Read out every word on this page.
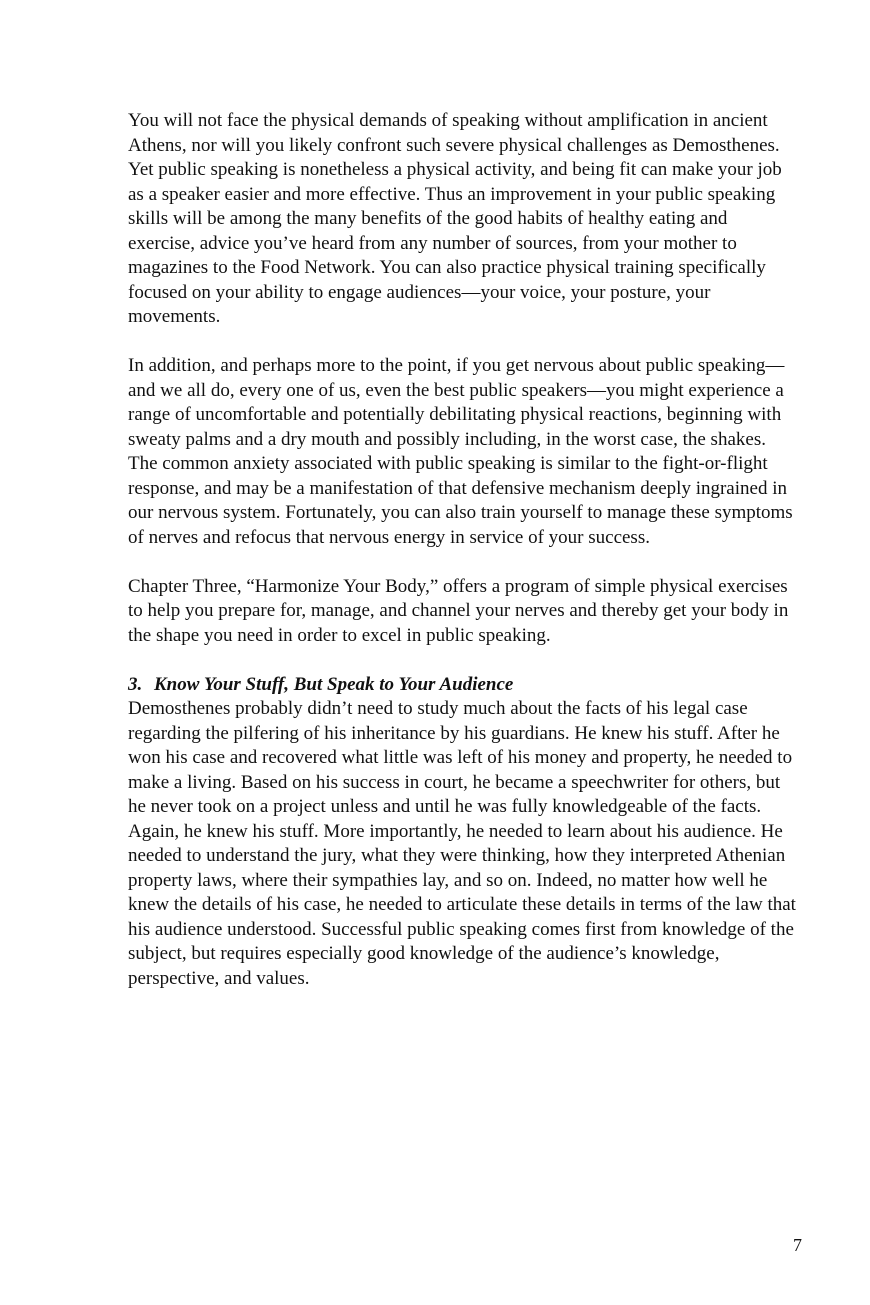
You will not face the physical demands of speaking without amplification in ancient Athens, nor will you likely confront such severe physical challenges as Demosthenes. Yet public speaking is nonetheless a physical activity, and being fit can make your job as a speaker easier and more effective. Thus an improvement in your public speaking skills will be among the many benefits of the good habits of healthy eating and exercise, advice you’ve heard from any number of sources, from your mother to magazines to the Food Network. You can also practice physical training specifically focused on your ability to engage audiences—your voice, your posture, your movements.

In addition, and perhaps more to the point, if you get nervous about public speaking—and we all do, every one of us, even the best public speakers—you might experience a range of uncomfortable and potentially debilitating physical reactions, beginning with sweaty palms and a dry mouth and possibly including, in the worst case, the shakes. The common anxiety associated with public speaking is similar to the fight-or-flight response, and may be a manifestation of that defensive mechanism deeply ingrained in our nervous system. Fortunately, you can also train yourself to manage these symptoms of nerves and refocus that nervous energy in service of your success.

Chapter Three, “Harmonize Your Body,” offers a program of simple physical exercises to help you prepare for, manage, and channel your nerves and thereby get your body in the shape you need in order to excel in public speaking.

3. Know Your Stuff, But Speak to Your Audience

Demosthenes probably didn’t need to study much about the facts of his legal case regarding the pilfering of his inheritance by his guardians. He knew his stuff. After he won his case and recovered what little was left of his money and property, he needed to make a living. Based on his success in court, he became a speechwriter for others, but he never took on a project unless and until he was fully knowledgeable of the facts. Again, he knew his stuff. More importantly, he needed to learn about his audience. He needed to understand the jury, what they were thinking, how they interpreted Athenian property laws, where their sympathies lay, and so on. Indeed, no matter how well he knew the details of his case, he needed to articulate these details in terms of the law that his audience understood. Successful public speaking comes first from knowledge of the subject, but requires especially good knowledge of the audience’s knowledge, perspective, and values.

7
